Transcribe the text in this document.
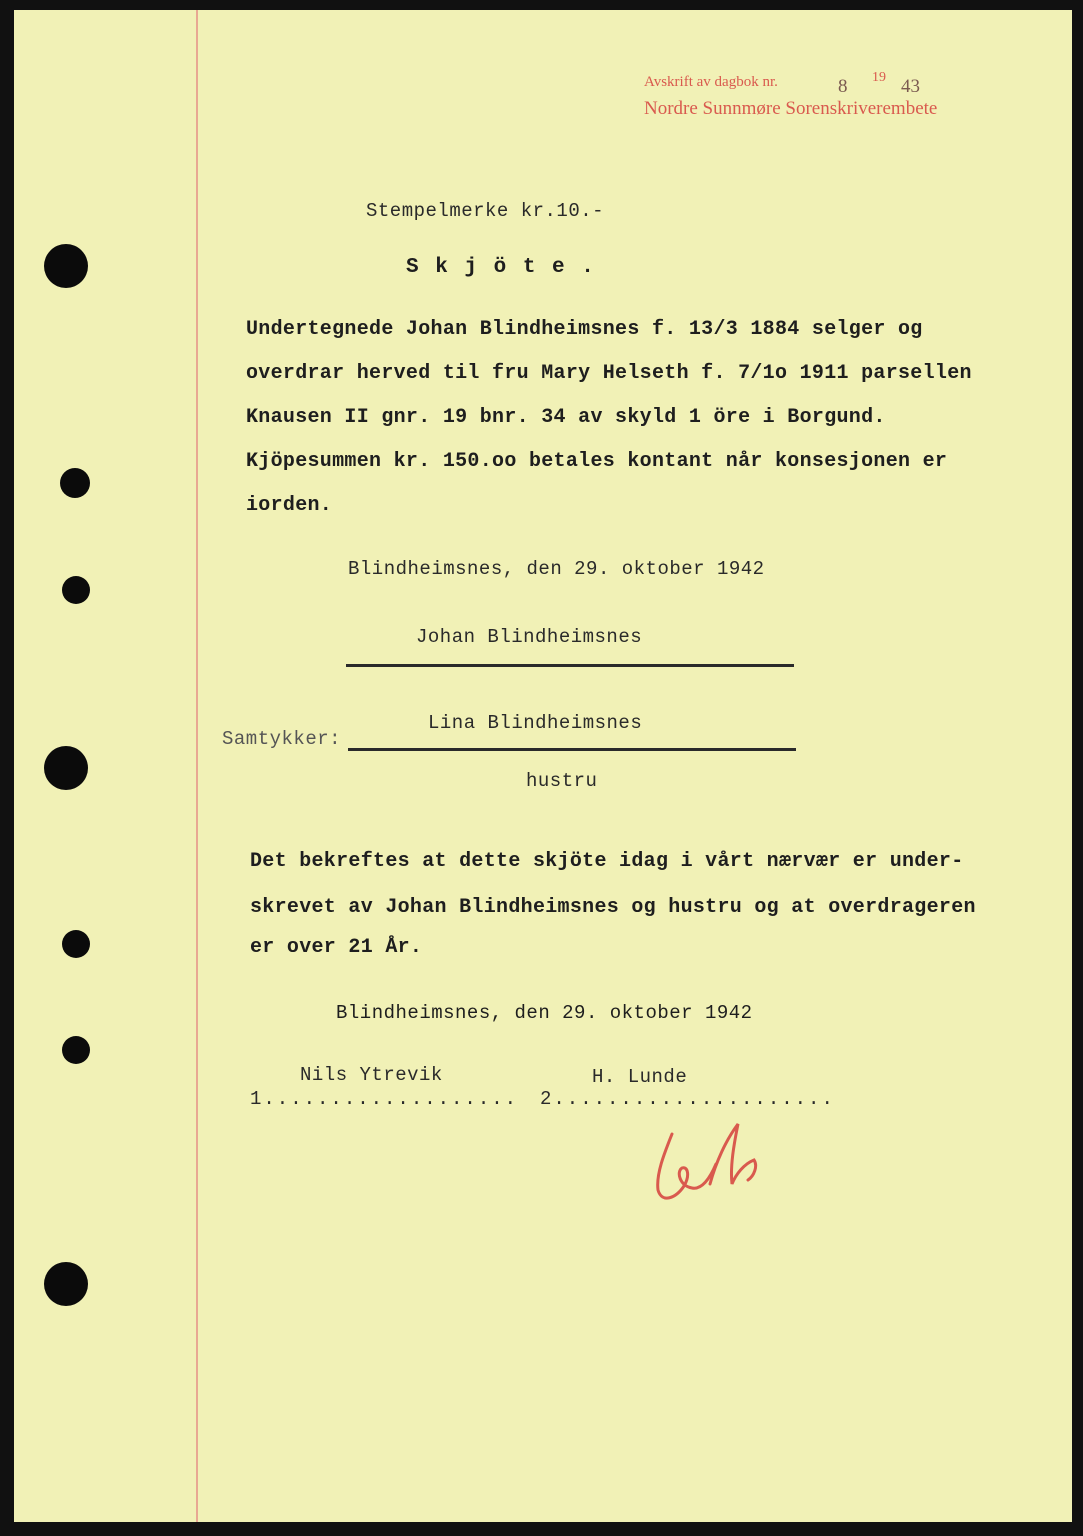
Avskrift av dagbok nr.	8 19 43
Nordre Sunnmøre Sorenskriverembete
Stempelmerke kr.10.-
S k j ö t e .
Undertegnede Johan Blindheimsnes f. 13/3 1884 selger og
overdrar herved til fru Mary Helseth f. 7/1o 1911 parsellen
Knausen II gnr. 19 bnr. 34 av skyld 1 öre i Borgund.
Kjöpesummen kr. 150.oo betales kontant når konsesjonen er
iorden.
Blindheimsnes, den 29. oktober 1942
Johan Blindheimsnes
Samtykker:
Lina Blindheimsnes
hustru
Det bekreftes at dette skjöte idag i vårt nærvær er under-
skrevet av Johan Blindheimsnes og hustru og at overdrageren
er over 21 År.
Blindheimsnes, den 29. oktober 1942
Nils Ytrevik	H. Lunde
1................... 2.....................
